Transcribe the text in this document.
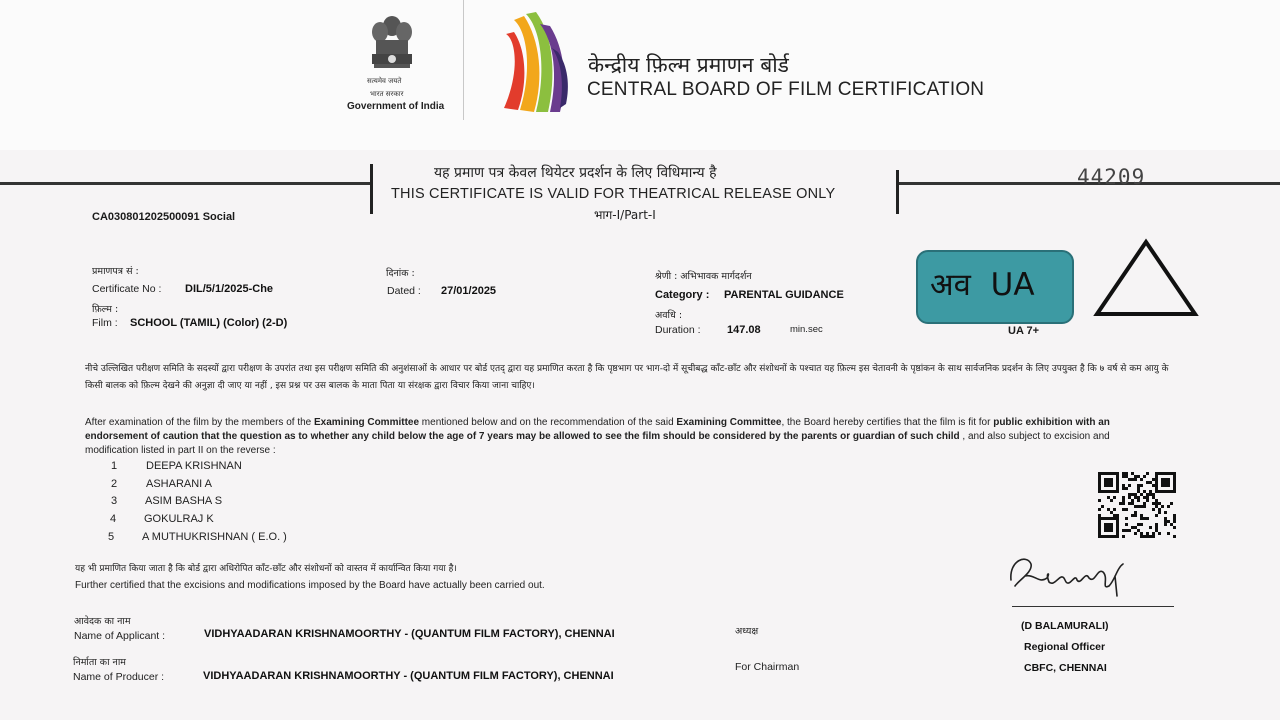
सत्यमेव जयते
भारत सरकार
Government of India
केन्द्रीय फ़िल्म प्रमाणन बोर्ड
CENTRAL BOARD OF FILM CERTIFICATION
यह प्रमाण पत्र केवल थियेटर प्रदर्शन के लिए विधिमान्य है
THIS CERTIFICATE IS VALID FOR THEATRICAL RELEASE ONLY
भाग-I/Part-I
44209
CA030801202500091 Social
प्रमाणपत्र सं :
Certificate No : DIL/5/1/2025-Che
फ़िल्म :
Film : SCHOOL (TAMIL) (Color) (2-D)
दिनांक :
Dated : 27/01/2025
श्रेणी : अभिभावक मार्गदर्शन
Category : PARENTAL GUIDANCE
अवधि :
Duration : 147.08	min.sec
अव  UA
UA 7+
नीचे उल्लिखित परीक्षण समिति के सदस्यों द्वारा परीक्षण के उपरांत तथा इस परीक्षण समिति की अनुशंसाओं के आधार पर बोर्ड एतद् द्वारा यह प्रमाणित करता है कि पृष्ठभाग पर भाग-दो में सूचीबद्ध काँट-छाँट और संशोधनों के पश्चात यह फ़िल्म इस चेतावनी के पृष्ठांकन के साथ सार्वजनिक प्रदर्शन के लिए उपयुक्त है कि ७ वर्ष से कम आयु के किसी बालक को फ़िल्म देखने की अनुज्ञा दी जाए या नहीं , इस प्रश्न पर उस बालक के माता पिता या संरक्षक द्वारा विचार किया जाना चाहिए।
After examination of the film by the members of the Examining Committee mentioned below and on the recommendation of the said Examining Committee, the Board hereby certifies that the film is fit for public exhibition with an endorsement of caution that the question as to whether any child below the age of 7 years may be allowed to see the film should be considered by the parents or guardian of such child , and also subject to excision and modification listed in part II on the reverse :
1	DEEPA KRISHNAN
2	ASHARANI A
3	ASIM BASHA S
4	GOKULRAJ K
5	A MUTHUKRISHNAN ( E.O. )
यह भी प्रमाणित किया जाता है कि बोर्ड द्वारा अधिरोपित काँट-छाँट और संशोधनों को वास्तव में कार्यान्वित किया गया है।
Further certified that the excisions and modifications imposed by the Board have actually been carried out.
आवेदक का नाम
Name of Applicant :	VIDHYAADARAN KRISHNAMOORTHY - (QUANTUM FILM FACTORY), CHENNAI
निर्माता का नाम
Name of Producer :	VIDHYAADARAN KRISHNAMOORTHY - (QUANTUM FILM FACTORY), CHENNAI
अध्यक्ष
For Chairman
(D BALAMURALI)
Regional Officer
CBFC, CHENNAI
